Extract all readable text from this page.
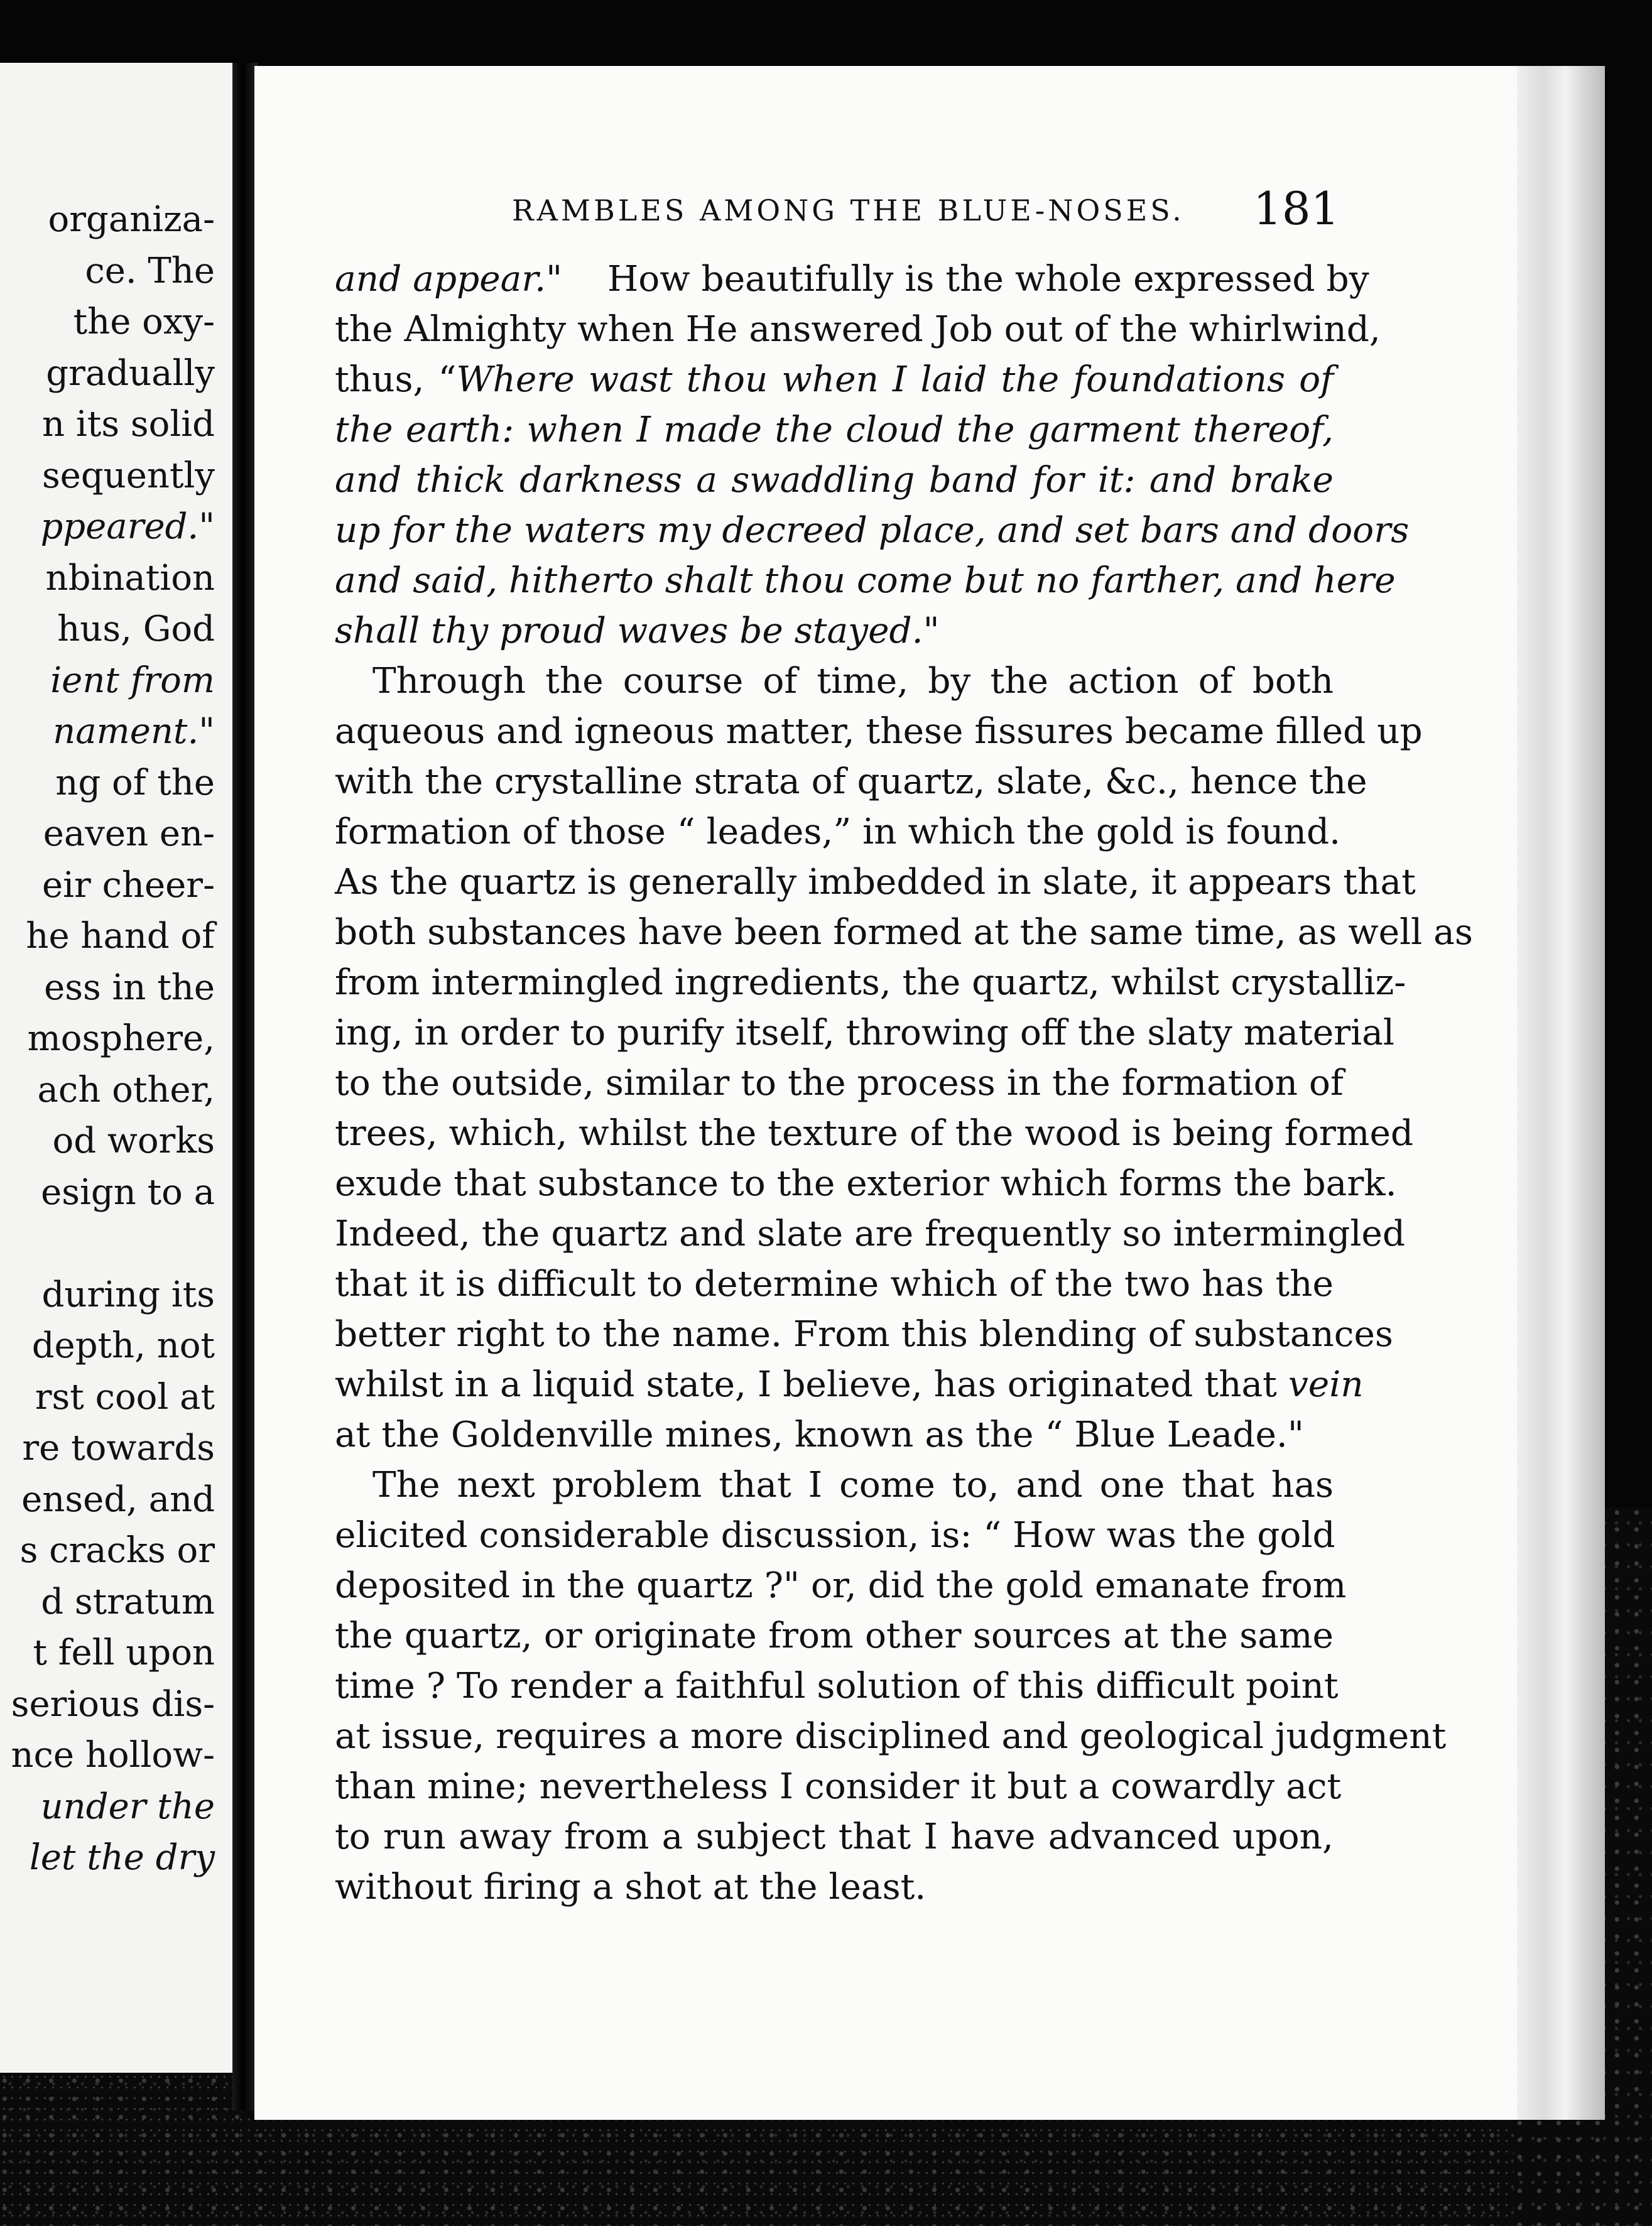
organiza-
ce. The
the oxy-
gradually
n its solid
sequently
ppeared."
nbination
hus, God
ient from
nament."
ng of the
eaven en-
eir cheer-
he hand of
ess in the
mosphere,
ach other,
od works
esign to a
during its
depth, not
rst cool at
re towards
ensed, and
s cracks or
d stratum
t fell upon
serious dis-
nce hollow-
under the
let the dry
RAMBLES AMONG THE BLUE-NOSES. 181
and appear." How beautifully is the whole expressed by
the Almighty when He answered Job out of the whirlwind,
thus, “Where wast thou when I laid the foundations of
the earth: when I made the cloud the garment thereof,
and thick darkness a swaddling band for it: and brake
up for the waters my decreed place, and set bars and doors
and said, hitherto shalt thou come but no farther, and here
shall thy proud waves be stayed."
Through the course of time, by the action of both
aqueous and igneous matter, these fissures became filled up
with the crystalline strata of quartz, slate, &c., hence the
formation of those “ leades,” in which the gold is found.
As the quartz is generally imbedded in slate, it appears that
both substances have been formed at the same time, as well as
from intermingled ingredients, the quartz, whilst crystalliz-
ing, in order to purify itself, throwing off the slaty material
to the outside, similar to the process in the formation of
trees, which, whilst the texture of the wood is being formed
exude that substance to the exterior which forms the bark.
Indeed, the quartz and slate are frequently so intermingled
that it is difficult to determine which of the two has the
better right to the name. From this blending of substances
whilst in a liquid state, I believe, has originated that vein
at the Goldenville mines, known as the “ Blue Leade."
The next problem that I come to, and one that has
elicited considerable discussion, is: “ How was the gold
deposited in the quartz ?" or, did the gold emanate from
the quartz, or originate from other sources at the same
time ? To render a faithful solution of this difficult point
at issue, requires a more disciplined and geological judgment
than mine; nevertheless I consider it but a cowardly act
to run away from a subject that I have advanced upon,
without firing a shot at the least.
